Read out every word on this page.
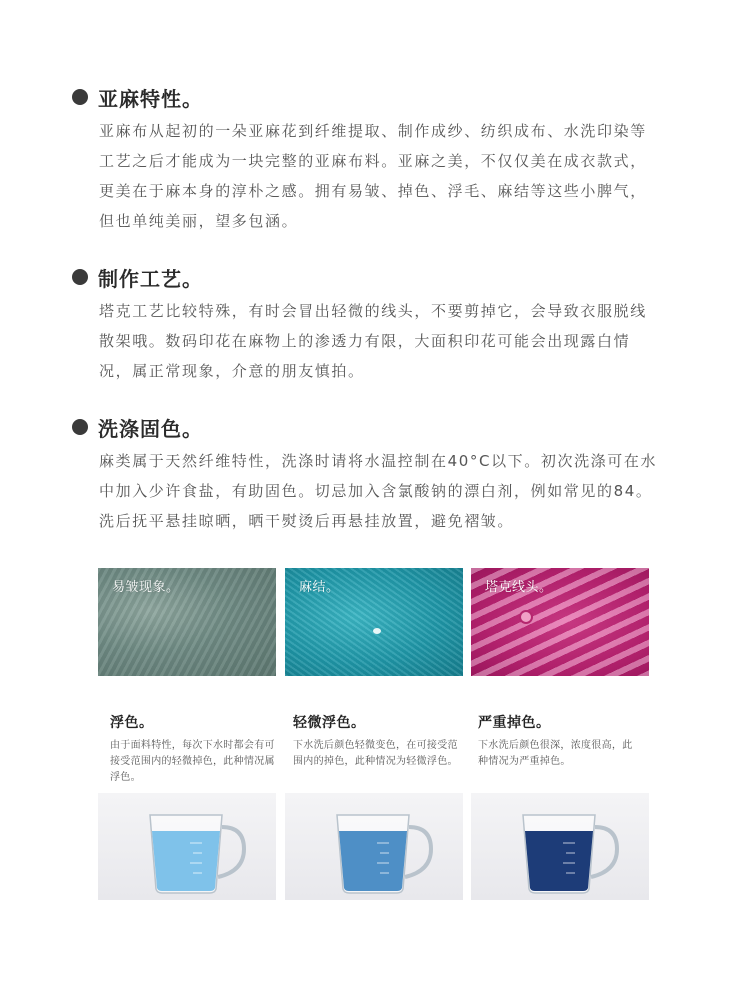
亚麻特性。

亚麻布从起初的一朵亚麻花到纤维提取、制作成纱、纺织成布、水洗印染等工艺之后才能成为一块完整的亚麻布料。亚麻之美，不仅仅美在成衣款式，更美在于麻本身的淳朴之感。拥有易皱、掉色、浮毛、麻结等这些小脾气，但也单纯美丽，望多包涵。

制作工艺。

塔克工艺比较特殊，有时会冒出轻微的线头，不要剪掉它，会导致衣服脱线散架哦。数码印花在麻物上的渗透力有限，大面积印花可能会出现露白情况，属正常现象，介意的朋友慎拍。

洗涤固色。

麻类属于天然纤维特性，洗涤时请将水温控制在40°C以下。初次洗涤可在水中加入少许食盐，有助固色。切忌加入含氯酸钠的漂白剂，例如常见的84。洗后抚平悬挂晾晒，晒干熨烫后再悬挂放置，避免褶皱。

易皱现象。	麻结。	塔克线头。
浮色。
由于面料特性，每次下水时都会有可接受范围内的轻微掉色，此种情况属浮色。
轻微浮色。
下水洗后颜色轻微变色，在可接受范围内的掉色，此种情况为轻微浮色。
严重掉色。
下水洗后颜色很深，浓度很高，此种情况为严重掉色。
